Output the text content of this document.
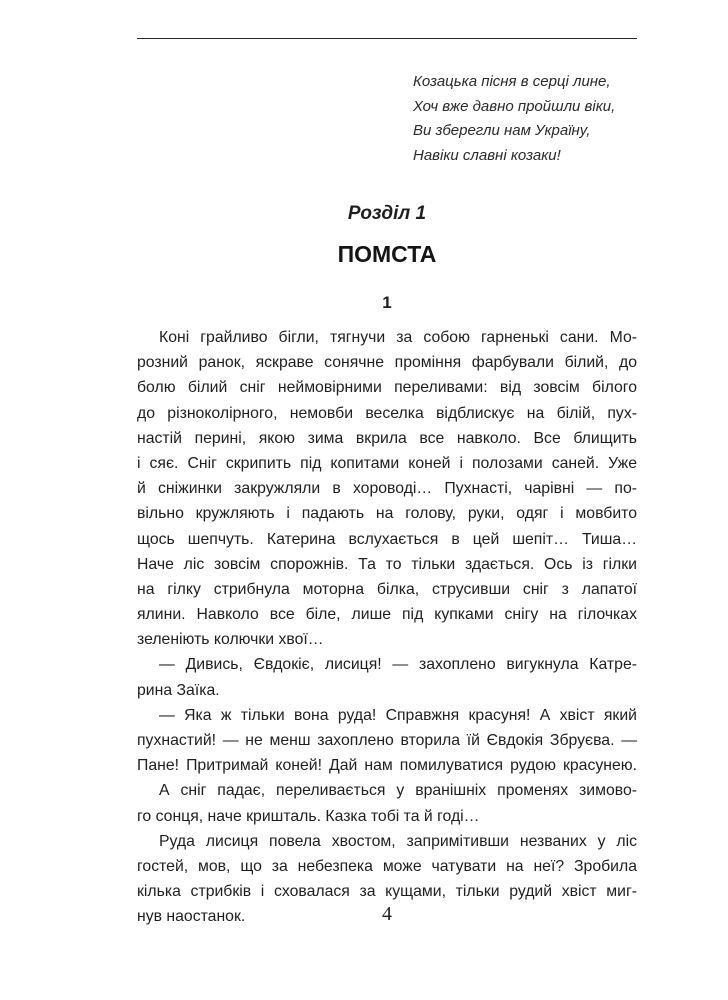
Козацька пісня в серці лине,
Хоч вже давно пройшли віки,
Ви зберегли нам Україну,
Навіки славні козаки!
Розділ 1
ПОМСТА
1
Коні грайливо бігли, тягнучи за собою гарненькі сани. Мо-
розний ранок, яскраве сонячне проміння фарбували білий, до
болю білий сніг неймовірними переливами: від зовсім білого
до різноколірного, немовби веселка відблискує на білій, пух-
настій перині, якою зима вкрила все навколо. Все блищить
і сяє. Сніг скрипить під копитами коней і полозами саней. Уже
й сніжинки закружляли в хороводі… Пухнасті, чарівні — по-
вільно кружляють і падають на голову, руки, одяг і мовбито
щось шепчуть. Катерина вслухається в цей шепіт… Тиша…
Наче ліс зовсім спорожнів. Та то тільки здається. Ось із гілки
на гілку стрибнула моторна білка, струсивши сніг з лапатої
ялини. Навколо все біле, лише під купками снігу на гілочках
зеленіють колючки хвої…
— Дивись, Євдокіє, лисиця! — захоплено вигукнула Катре-
рина Заїка.
— Яка ж тільки вона руда! Справжня красуня! А хвіст який
пухнастий! — не менш захоплено вторила їй Євдокія Збруєва. —
Пане! Притримай коней! Дай нам помилуватися рудою красунею.
А сніг падає, переливається у вранішніх променях зимово-
го сонця, наче кришталь. Казка тобі та й годі…
Руда лисиця повела хвостом, запримітивши незваних у ліс
гостей, мов, що за небезпека може чатувати на неї? Зробила
кілька стрибків і сховалася за кущами, тільки рудий хвіст миг-
нув наостанок.	4
